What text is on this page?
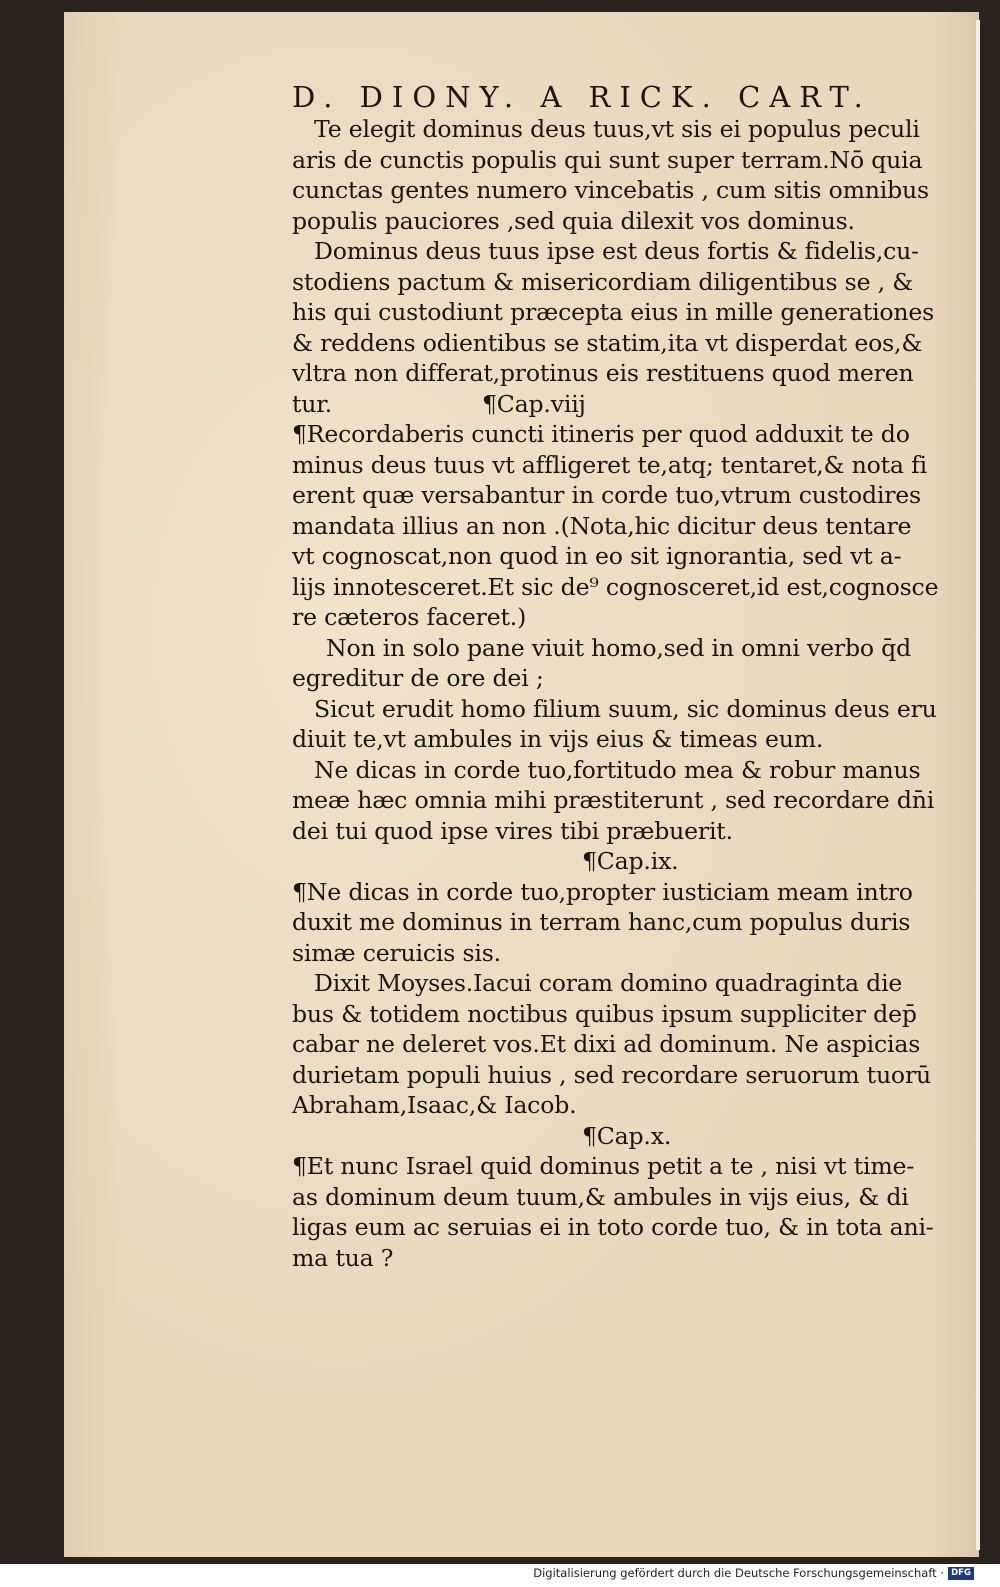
D. DIONY. A RICK. CART.
Te elegit dominus deus tuus,vt sis ei populus peculi
aris de cunctis populis qui sunt super terram.Nō quia
cunctas gentes numero vincebatis , cum sitis omnibus
populis pauciores ,sed quia dilexit vos dominus.
Dominus deus tuus ipse est deus fortis & fidelis,cu-
stodiens pactum & misericordiam diligentibus se , &
his qui custodiunt præcepta eius in mille generationes
& reddens odientibus se statim,ita vt disperdat eos,&
vltra non differat,protinus eis restituens quod meren
tur.	¶Cap.viij
¶Recordaberis cuncti itineris per quod adduxit te do
minus deus tuus vt affligeret te,atq; tentaret,& nota fi
erent quæ versabantur in corde tuo,vtrum custodires
mandata illius an non .(Nota,hic dicitur deus tentare
vt cognoscat,non quod in eo sit ignorantia, sed vt a-
lijs innotesceret.Et sic de⁹ cognosceret,id est,cognosce
re cæteros faceret.)
Non in solo pane viuit homo,sed in omni verbo q̄d
egreditur de ore dei ;
Sicut erudit homo filium suum, sic dominus deus eru
diuit te,vt ambules in vijs eius & timeas eum.
Ne dicas in corde tuo,fortitudo mea & robur manus
meæ hæc omnia mihi præstiterunt , sed recordare dn̄i
dei tui quod ipse vires tibi præbuerit.
¶Cap.ix.
¶Ne dicas in corde tuo,propter iusticiam meam intro
duxit me dominus in terram hanc,cum populus duris
simæ ceruicis sis.
Dixit Moyses.Iacui coram domino quadraginta die
bus & totidem noctibus quibus ipsum suppliciter dep̄
cabar ne deleret vos.Et dixi ad dominum. Ne aspicias
durietam populi huius , sed recordare seruorum tuorū
Abraham,Isaac,& Iacob.
¶Cap.x.
¶Et nunc Israel quid dominus petit a te , nisi vt time-
as dominum deum tuum,& ambules in vijs eius, & di
ligas eum ac seruias ei in toto corde tuo, & in tota ani-
ma tua ?
Digitalisierung gefördert durch die Deutsche Forschungsgemeinschaft · DFG
